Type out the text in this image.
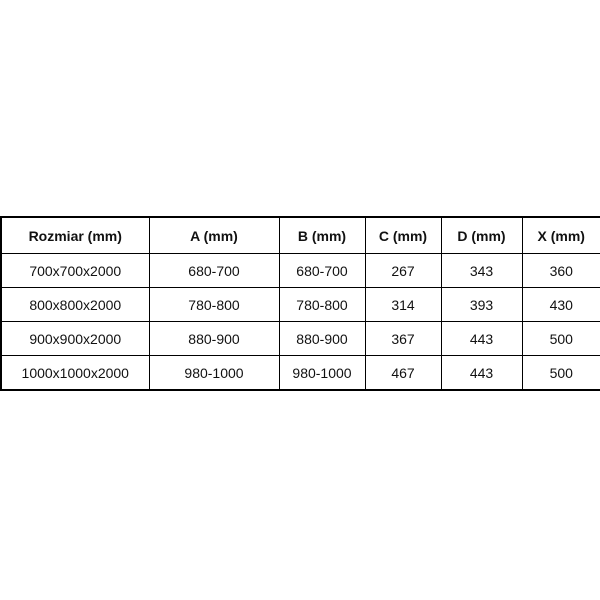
Rozmiar (mm)	A (mm)	B (mm)	C (mm)	D (mm)	X (mm)
700x700x2000	680-700	680-700	267	343	360
800x800x2000	780-800	780-800	314	393	430
900x900x2000	880-900	880-900	367	443	500
1000x1000x2000	980-1000	980-1000	467	443	500
